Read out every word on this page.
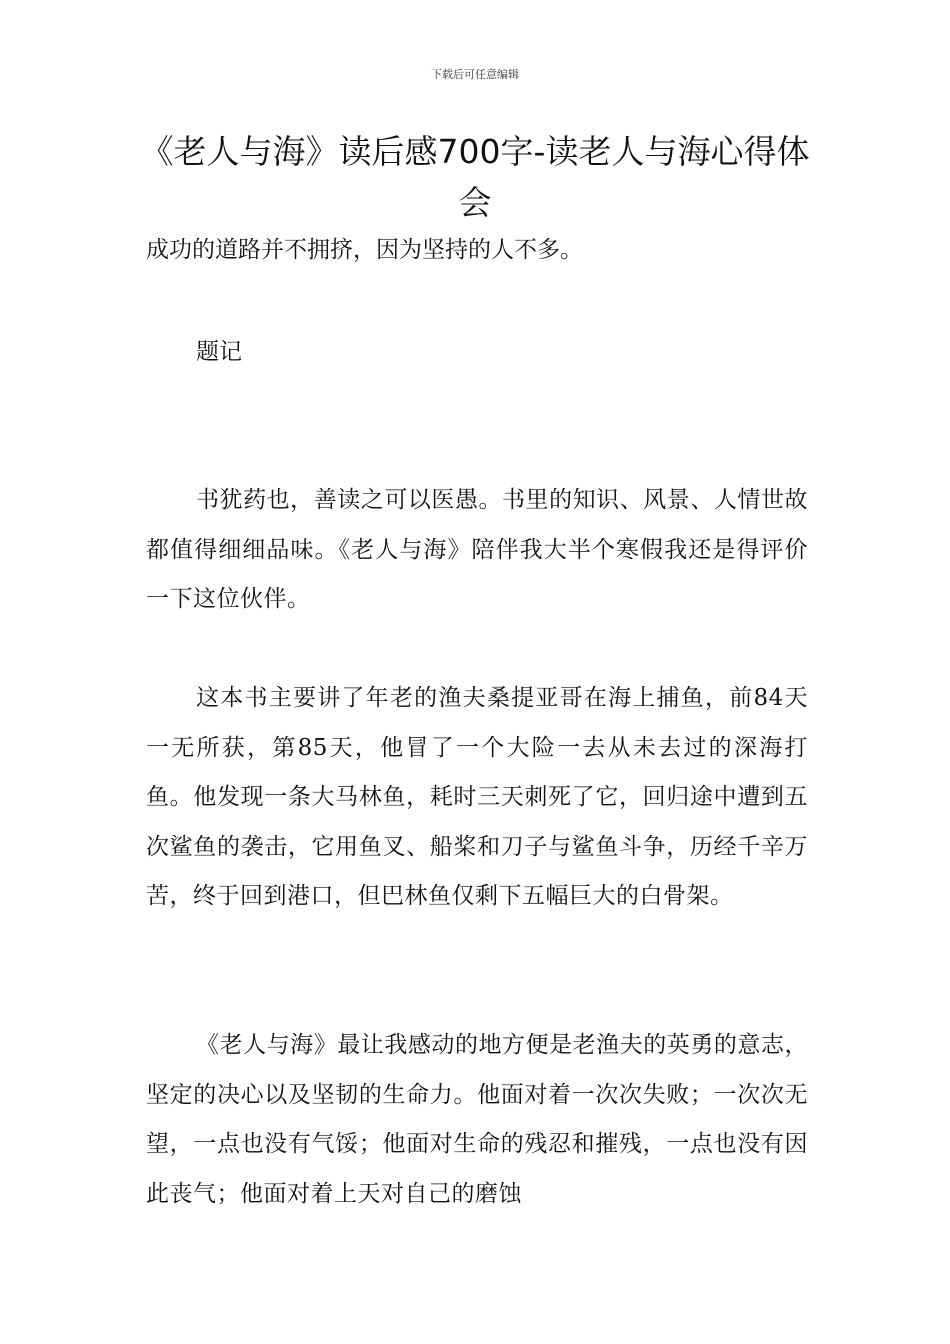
下载后可任意编辑
《老人与海》读后感700字-读老人与海心得体会
成功的道路并不拥挤，因为坚持的人不多。
题记
书犹药也，善读之可以医愚。书里的知识、风景、人情世故都值得细细品味。《老人与海》陪伴我大半个寒假我还是得评价一下这位伙伴。
这本书主要讲了年老的渔夫桑提亚哥在海上捕鱼，前84天一无所获，第85天，他冒了一个大险一去从未去过的深海打鱼。他发现一条大马林鱼，耗时三天刺死了它，回归途中遭到五次鲨鱼的袭击，它用鱼叉、船桨和刀子与鲨鱼斗争，历经千辛万苦，终于回到港口，但巴林鱼仅剩下五幅巨大的白骨架。
《老人与海》最让我感动的地方便是老渔夫的英勇的意志，坚定的决心以及坚韧的生命力。他面对着一次次失败；一次次无望，一点也没有气馁；他面对生命的残忍和摧残，一点也没有因此丧气；他面对着上天对自己的磨蚀
